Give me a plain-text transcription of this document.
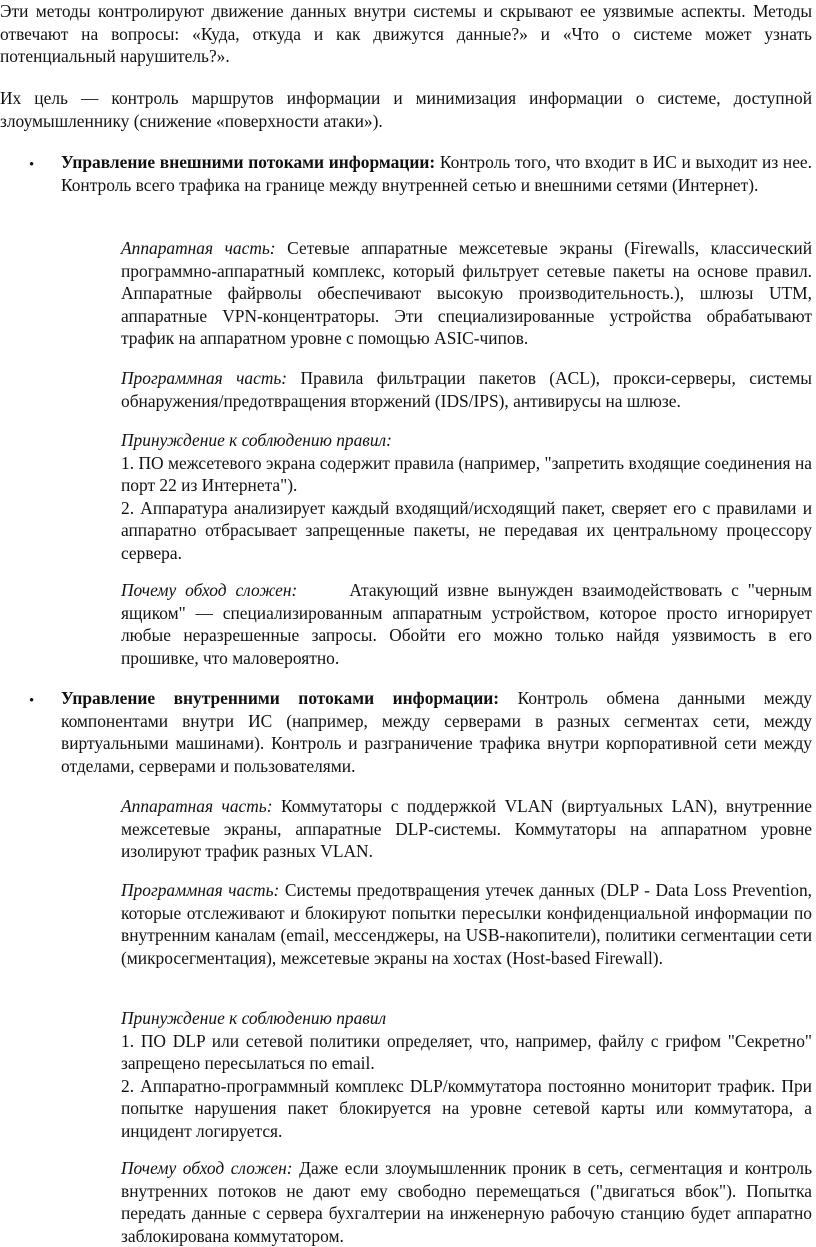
Эти методы контролируют движение данных внутри системы и скрывают ее уязвимые аспекты. Методы отвечают на вопросы: «Куда, откуда и как движутся данные?» и «Что о системе может узнать потенциальный нарушитель?».

Их цель — контроль маршрутов информации и минимизация информации о системе, доступной злоумышленнику (снижение «поверхности атаки»).

• Управление внешними потоками информации: Контроль того, что входит в ИС и выходит из нее. Контроль всего трафика на границе между внутренней сетью и внешними сетями (Интернет).

Аппаратная часть: Сетевые аппаратные межсетевые экраны (Firewalls, классический программно-аппаратный комплекс, который фильтрует сетевые пакеты на основе правил. Аппаратные файрволы обеспечивают высокую производительность.), шлюзы UTM, аппаратные VPN-концентраторы. Эти специализированные устройства обрабатывают трафик на аппаратном уровне с помощью ASIC-чипов.

Программная часть: Правила фильтрации пакетов (ACL), прокси-серверы, системы обнаружения/предотвращения вторжений (IDS/IPS), антивирусы на шлюзе.

Принуждение к соблюдению правил:
1. ПО межсетевого экрана содержит правила (например, "запретить входящие соединения на порт 22 из Интернета").
2. Аппаратура анализирует каждый входящий/исходящий пакет, сверяет его с правилами и аппаратно отбрасывает запрещенные пакеты, не передавая их центральному процессору сервера.

Почему обход сложен:	Атакующий извне вынужден взаимодействовать с "черным ящиком" — специализированным аппаратным устройством, которое просто игнорирует любые неразрешенные запросы. Обойти его можно только найдя уязвимость в его прошивке, что маловероятно.

• Управление внутренними потоками информации: Контроль обмена данными между компонентами внутри ИС (например, между серверами в разных сегментах сети, между виртуальными машинами). Контроль и разграничение трафика внутри корпоративной сети между отделами, серверами и пользователями.

Аппаратная часть: Коммутаторы с поддержкой VLAN (виртуальных LAN), внутренние межсетевые экраны, аппаратные DLP-системы. Коммутаторы на аппаратном уровне изолируют трафик разных VLAN.

Программная часть: Системы предотвращения утечек данных (DLP - Data Loss Prevention, которые отслеживают и блокируют попытки пересылки конфиденциальной информации по внутренним каналам (email, мессенджеры, на USB-накопители), политики сегментации сети (микросегментация), межсетевые экраны на хостах (Host-based Firewall).

Принуждение к соблюдению правил
1. ПО DLP или сетевой политики определяет, что, например, файлу с грифом "Секретно" запрещено пересылаться по email.
2. Аппаратно-программный комплекс DLP/коммутатора постоянно мониторит трафик. При попытке нарушения пакет блокируется на уровне сетевой карты или коммутатора, а инцидент логируется.

Почему обход сложен: Даже если злоумышленник проник в сеть, сегментация и контроль внутренних потоков не дают ему свободно перемещаться ("двигаться вбок"). Попытка передать данные с сервера бухгалтерии на инженерную рабочую станцию будет аппаратно заблокирована коммутатором.
